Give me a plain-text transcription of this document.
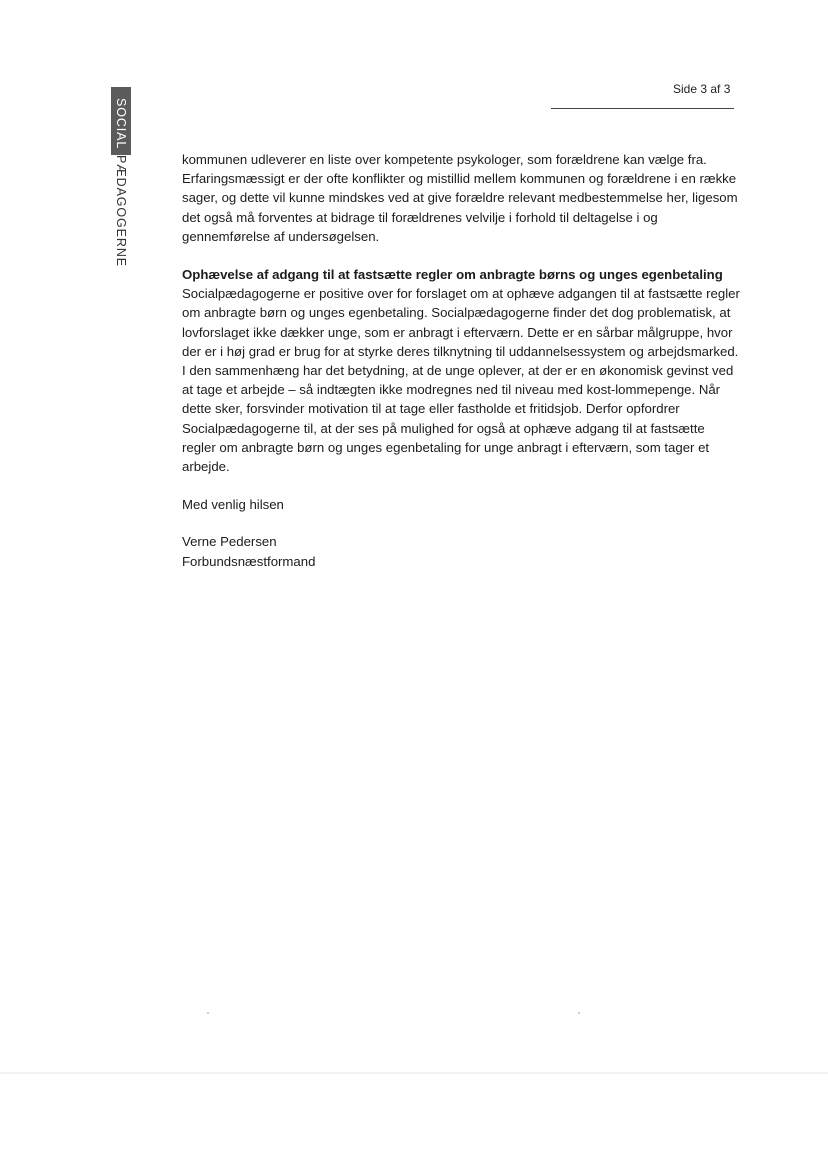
SOCIALPÆDAGOGERNE
Side 3 af 3

kommunen udleverer en liste over kompetente psykologer, som forældrene kan vælge fra. Erfaringsmæssigt er der ofte konflikter og mistillid mellem kommunen og forældrene i en række sager, og dette vil kunne mindskes ved at give forældre relevant medbestemmelse her, ligesom det også må forventes at bidrage til forældrenes velvilje i forhold til deltagelse i og gennemførelse af undersøgelsen.

Ophævelse af adgang til at fastsætte regler om anbragte børns og unges egenbetaling

Socialpædagogerne er positive over for forslaget om at ophæve adgangen til at fastsætte regler om anbragte børn og unges egenbetaling. Socialpædagogerne finder det dog problematisk, at lovforslaget ikke dækker unge, som er anbragt i efterværn. Dette er en sårbar målgruppe, hvor der er i høj grad er brug for at styrke deres tilknytning til uddannelsessystem og arbejdsmarked. I den sammenhæng har det betydning, at de unge oplever, at der er en økonomisk gevinst ved at tage et arbejde – så indtægten ikke modregnes ned til niveau med kost-lommepenge. Når dette sker, forsvinder motivation til at tage eller fastholde et fritidsjob. Derfor opfordrer Socialpædagogerne til, at der ses på mulighed for også at ophæve adgang til at fastsætte regler om anbragte børn og unges egenbetaling for unge anbragt i efterværn, som tager et arbejde.

Med venlig hilsen

Verne Pedersen

Forbundsnæstformand
